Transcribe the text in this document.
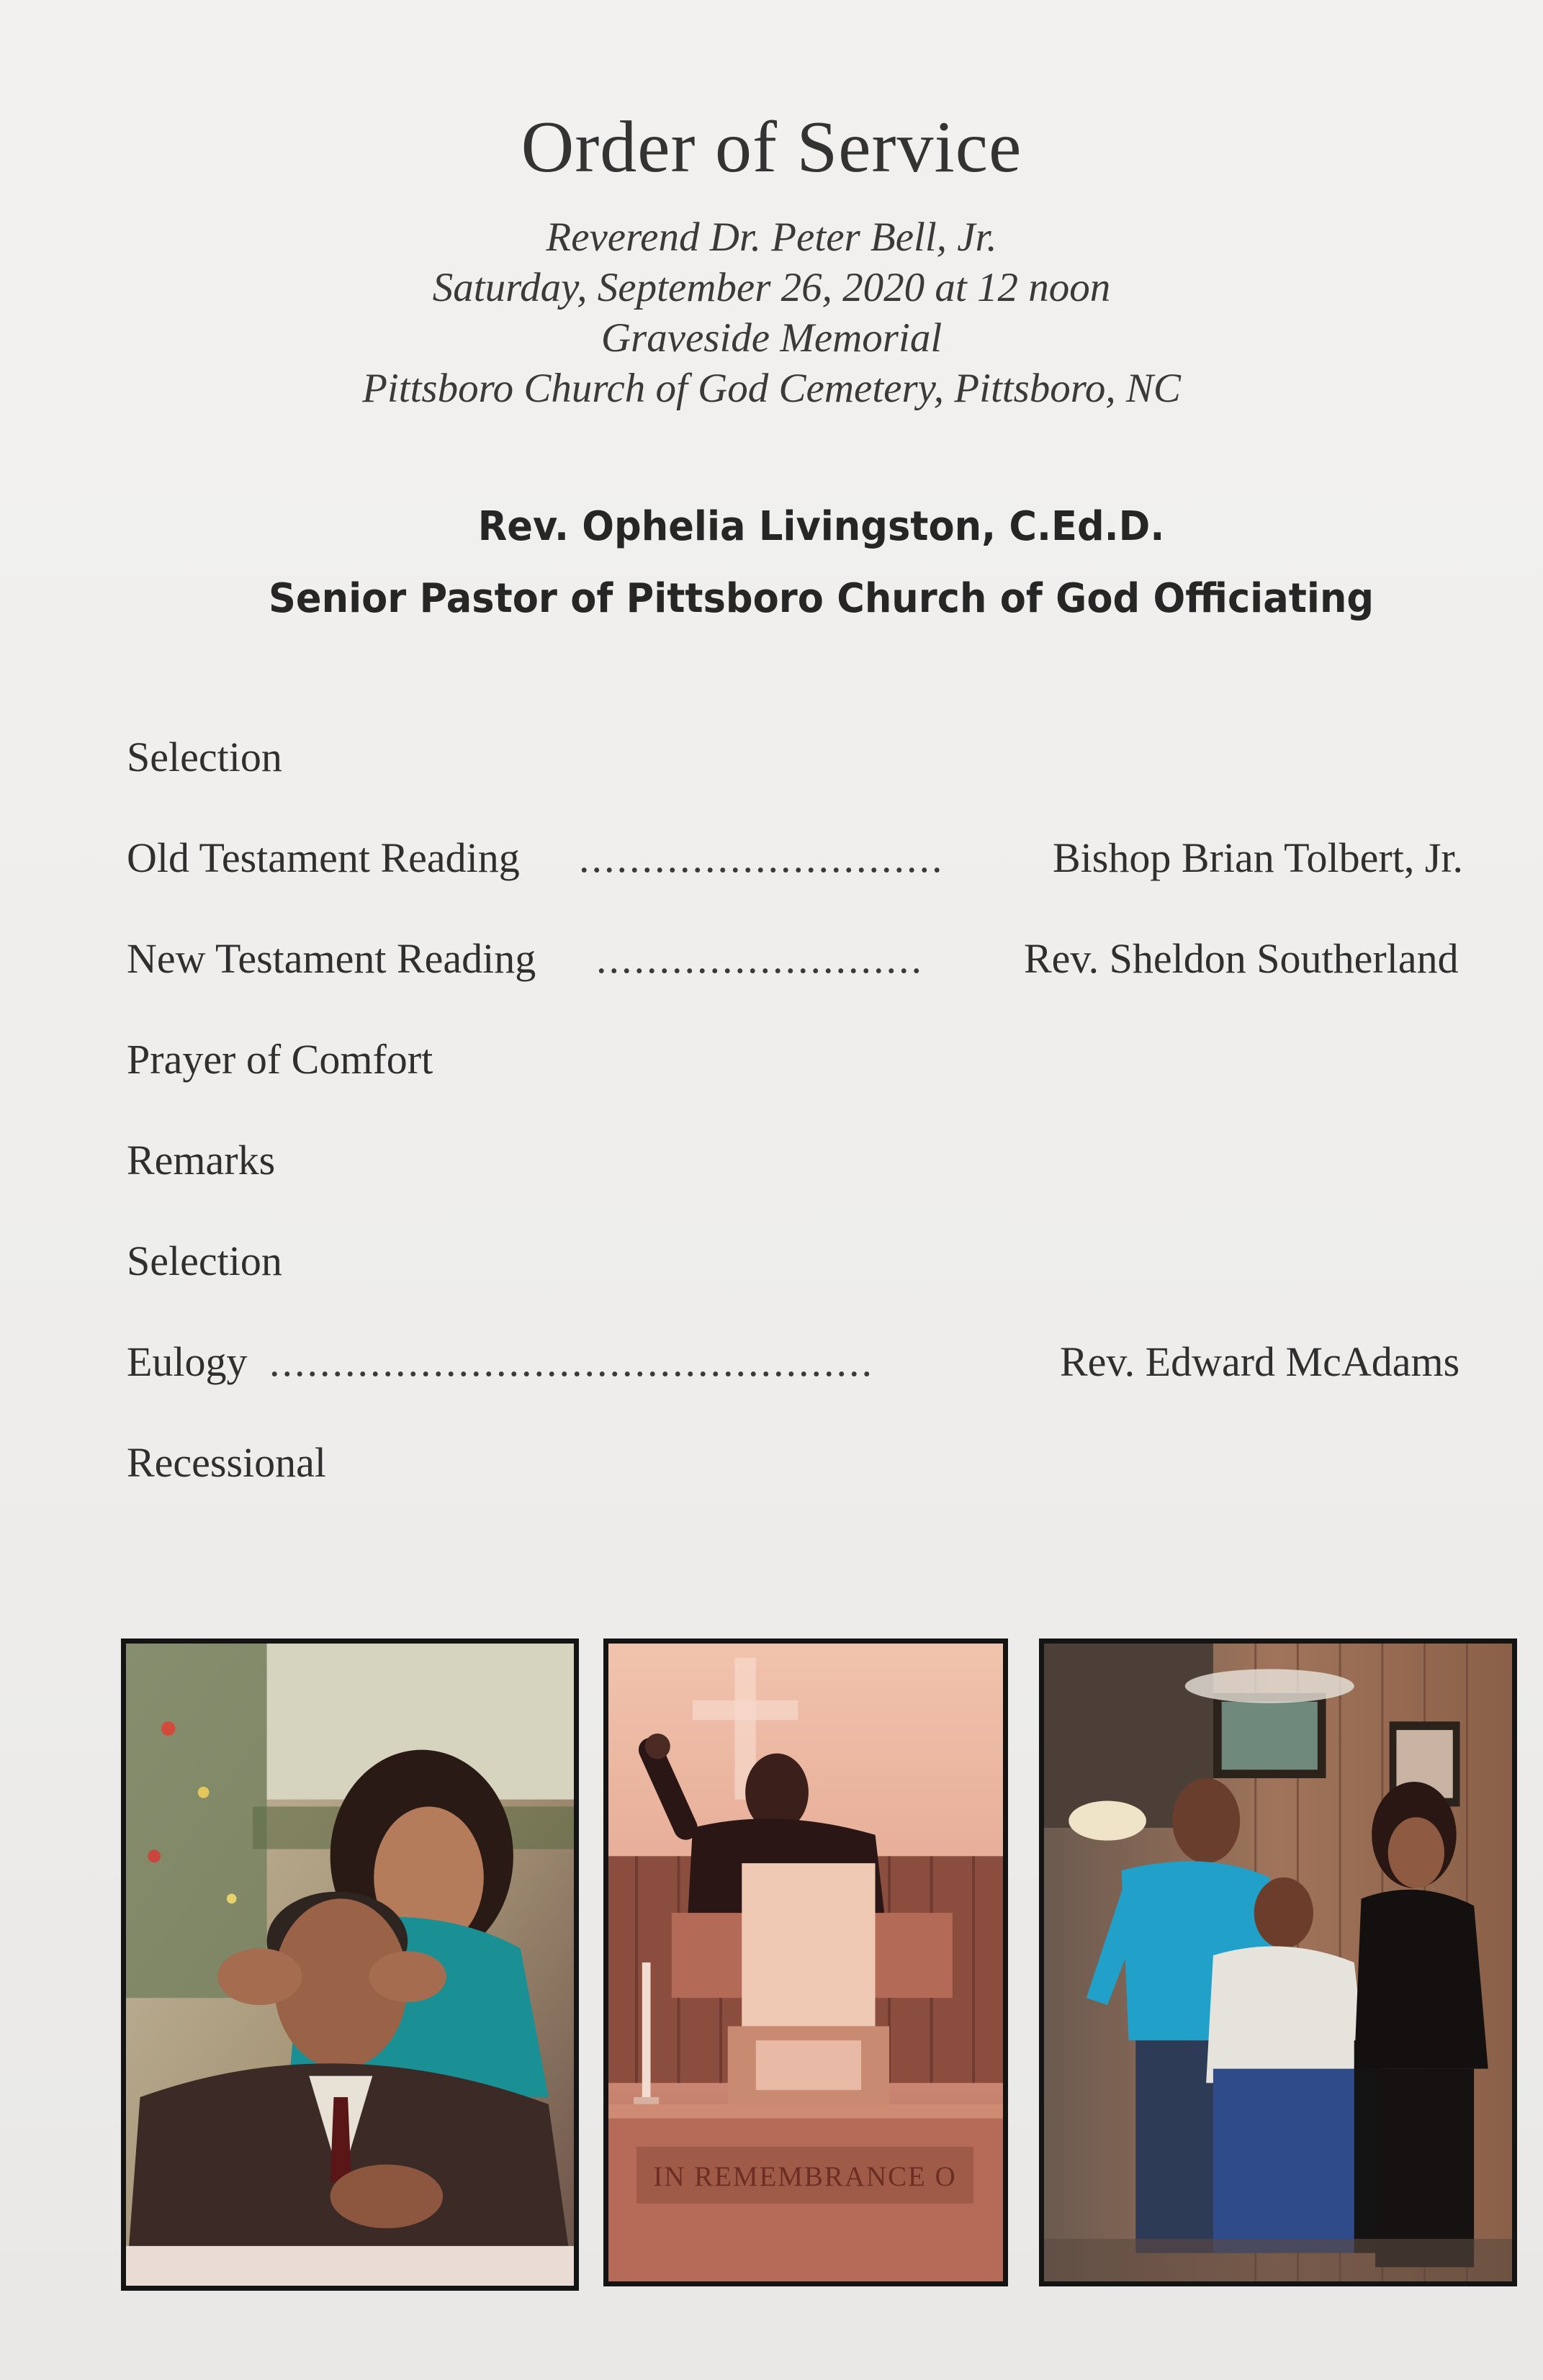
Order of Service
Reverend Dr. Peter Bell, Jr.
Saturday, September 26, 2020 at 12 noon
Graveside Memorial
Pittsboro Church of God Cemetery, Pittsboro, NC
Rev. Ophelia Livingston, C.Ed.D.
Senior Pastor of Pittsboro Church of God Officiating
Selection
Old Testament Reading .............................	Bishop Brian Tolbert, Jr.
New Testament Reading ..........................	Rev. Sheldon Southerland
Prayer of Comfort
Remarks
Selection
Eulogy ................................................	Rev. Edward McAdams
Recessional
IN REMEMBRANCE O
